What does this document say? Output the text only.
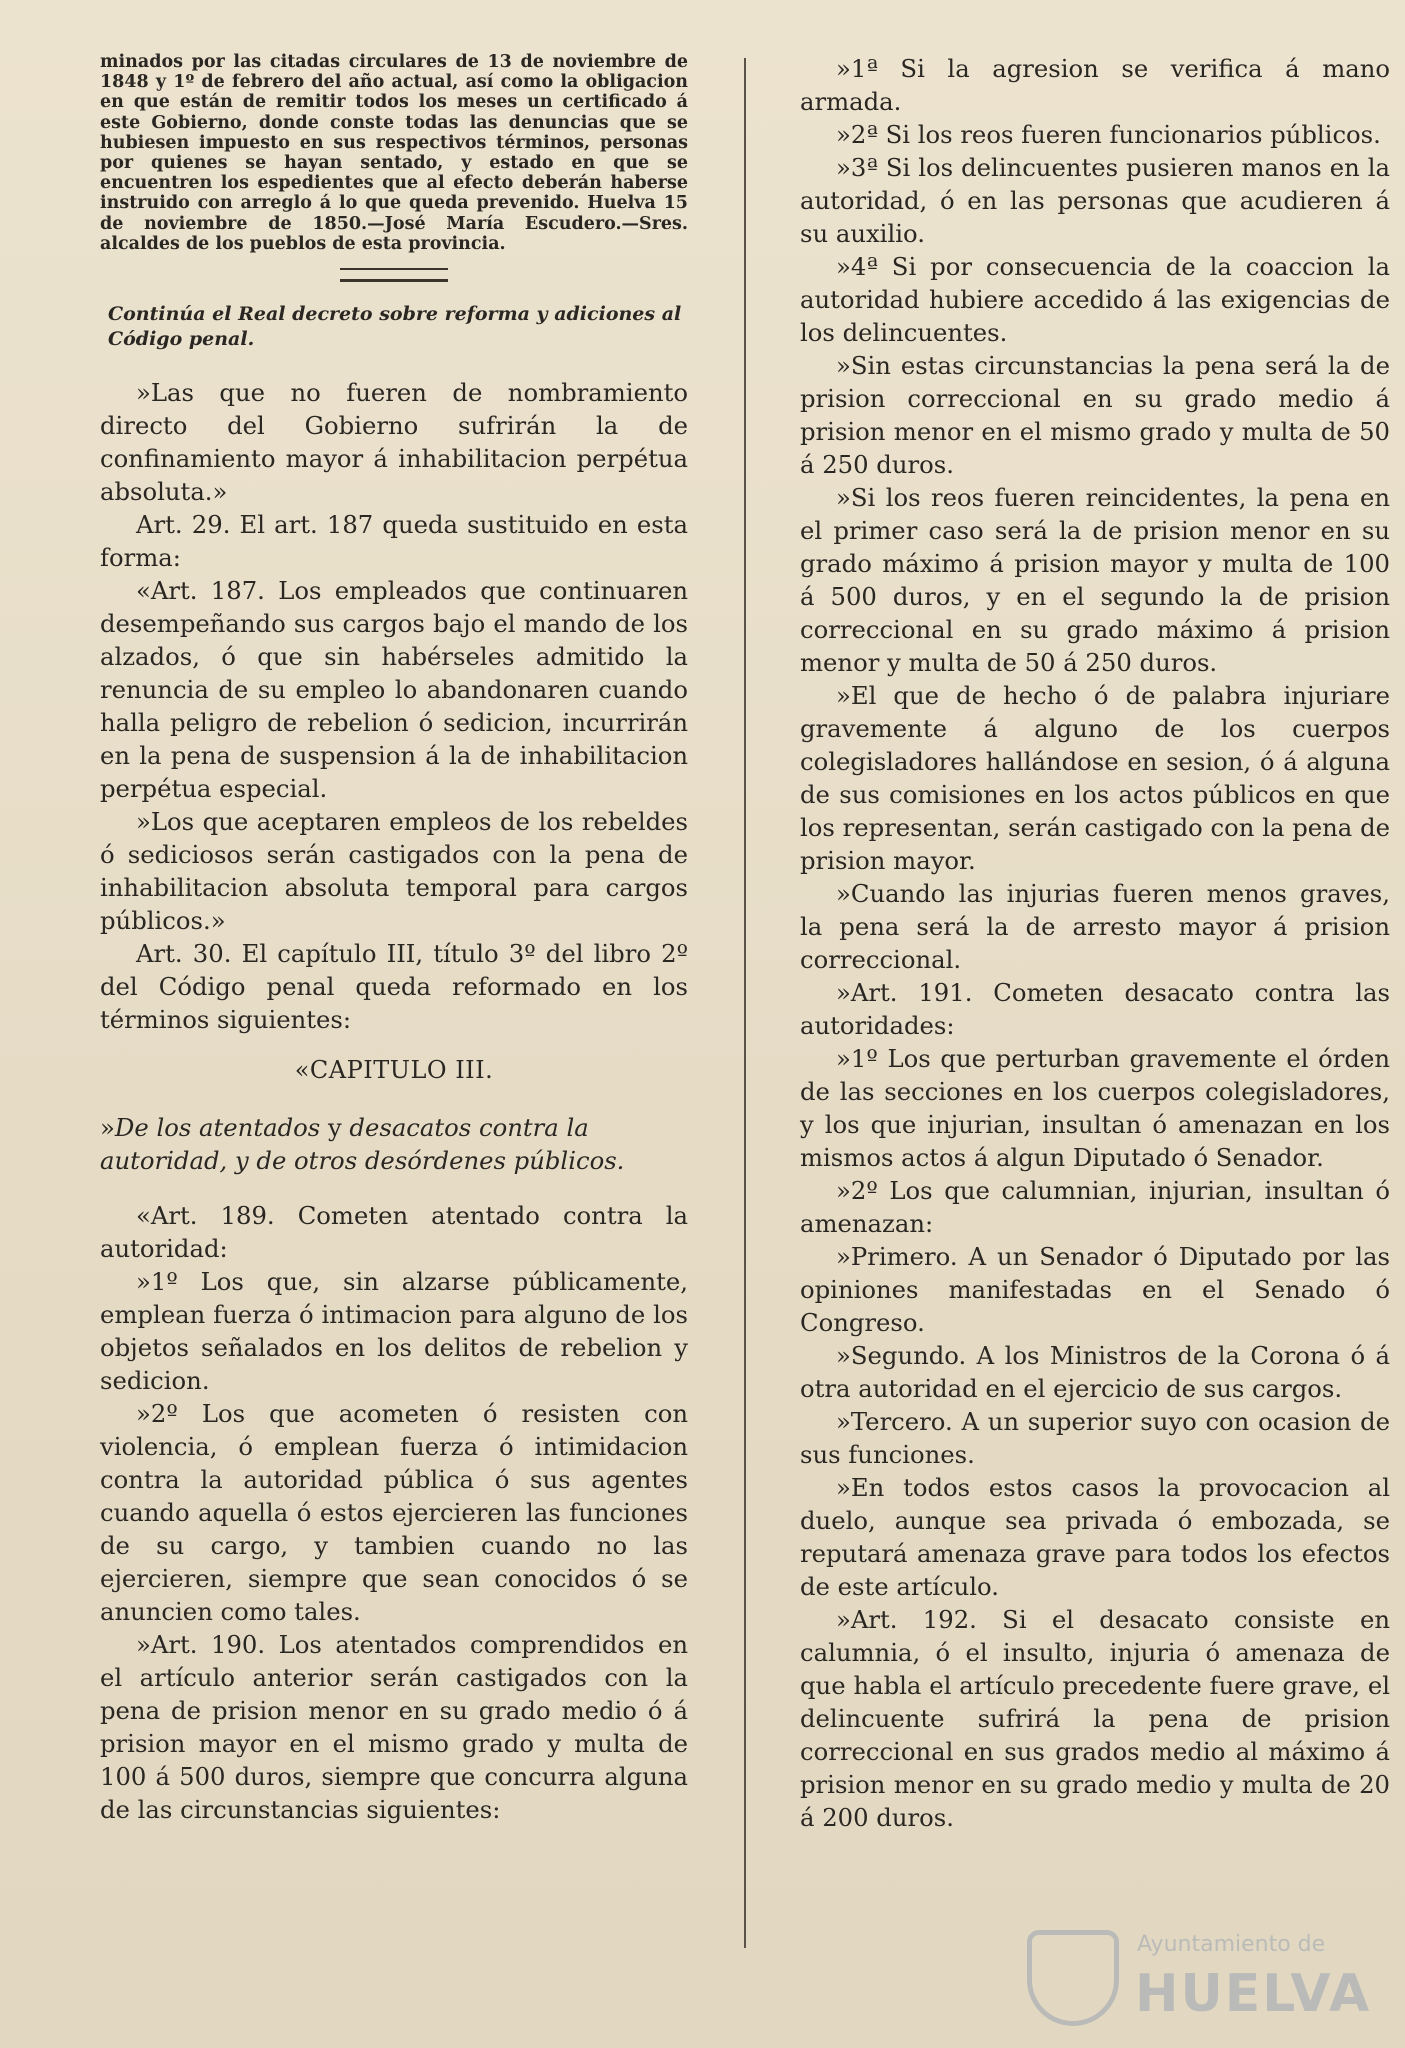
minados por las citadas circulares de 13 de noviembre de 1848 y 1º de febrero del año actual, así como la obligacion en que están de remitir todos los meses un certificado á este Gobierno, donde conste todas las denuncias que se hubiesen impuesto en sus respectivos términos, personas por quienes se hayan sentado, y estado en que se encuentren los espedientes que al efecto deberán haberse instruido con arreglo á lo que queda prevenido. Huelva 15 de noviembre de 1850.—José María Escudero.—Sres. alcaldes de los pueblos de esta provincia.

Continúa el Real decreto sobre reforma y adiciones al Código penal.

»Las que no fueren de nombramiento directo del Gobierno sufrirán la de confinamiento mayor á inhabilitacion perpétua absoluta.»

Art. 29. El art. 187 queda sustituido en esta forma:

«Art. 187. Los empleados que continuaren desempeñando sus cargos bajo el mando de los alzados, ó que sin habérseles admitido la renuncia de su empleo lo abandonaren cuando halla peligro de rebelion ó sedicion, incurrirán en la pena de suspension á la de inhabilitacion perpétua especial.

»Los que aceptaren empleos de los rebeldes ó sediciosos serán castigados con la pena de inhabilitacion absoluta temporal para cargos públicos.»

Art. 30. El capítulo III, título 3º del libro 2º del Código penal queda reformado en los términos siguientes:

«CAPITULO III.

»De los atentados y desacatos contra la autoridad, y de otros desórdenes públicos.

«Art. 189. Cometen atentado contra la autoridad:

»1º Los que, sin alzarse públicamente, emplean fuerza ó intimacion para alguno de los objetos señalados en los delitos de rebelion y sedicion.

»2º Los que acometen ó resisten con violencia, ó emplean fuerza ó intimidacion contra la autoridad pública ó sus agentes cuando aquella ó estos ejercieren las funciones de su cargo, y tambien cuando no las ejercieren, siempre que sean conocidos ó se anuncien como tales.

»Art. 190. Los atentados comprendidos en el artículo anterior serán castigados con la pena de prision menor en su grado medio ó á prision mayor en el mismo grado y multa de 100 á 500 duros, siempre que concurra alguna de las circunstancias siguientes:

»1ª Si la agresion se verifica á mano armada.

»2ª Si los reos fueren funcionarios públicos.

»3ª Si los delincuentes pusieren manos en la autoridad, ó en las personas que acudieren á su auxilio.

»4ª Si por consecuencia de la coaccion la autoridad hubiere accedido á las exigencias de los delincuentes.

»Sin estas circunstancias la pena será la de prision correccional en su grado medio á prision menor en el mismo grado y multa de 50 á 250 duros.

»Si los reos fueren reincidentes, la pena en el primer caso será la de prision menor en su grado máximo á prision mayor y multa de 100 á 500 duros, y en el segundo la de prision correccional en su grado máximo á prision menor y multa de 50 á 250 duros.

»El que de hecho ó de palabra injuriare gravemente á alguno de los cuerpos colegisladores hallándose en sesion, ó á alguna de sus comisiones en los actos públicos en que los representan, serán castigado con la pena de prision mayor.

»Cuando las injurias fueren menos graves, la pena será la de arresto mayor á prision correccional.

»Art. 191. Cometen desacato contra las autoridades:

»1º Los que perturban gravemente el órden de las secciones en los cuerpos colegisladores, y los que injurian, insultan ó amenazan en los mismos actos á algun Diputado ó Senador.

»2º Los que calumnian, injurian, insultan ó amenazan:

»Primero. A un Senador ó Diputado por las opiniones manifestadas en el Senado ó Congreso.

»Segundo. A los Ministros de la Corona ó á otra autoridad en el ejercicio de sus cargos.

»Tercero. A un superior suyo con ocasion de sus funciones.

»En todos estos casos la provocacion al duelo, aunque sea privada ó embozada, se reputará amenaza grave para todos los efectos de este artículo.

»Art. 192. Si el desacato consiste en calumnia, ó el insulto, injuria ó amenaza de que habla el artículo precedente fuere grave, el delincuente sufrirá la pena de prision correccional en sus grados medio al máximo á prision menor en su grado medio y multa de 20 á 200 duros.

Ayuntamiento de
HUELVA
